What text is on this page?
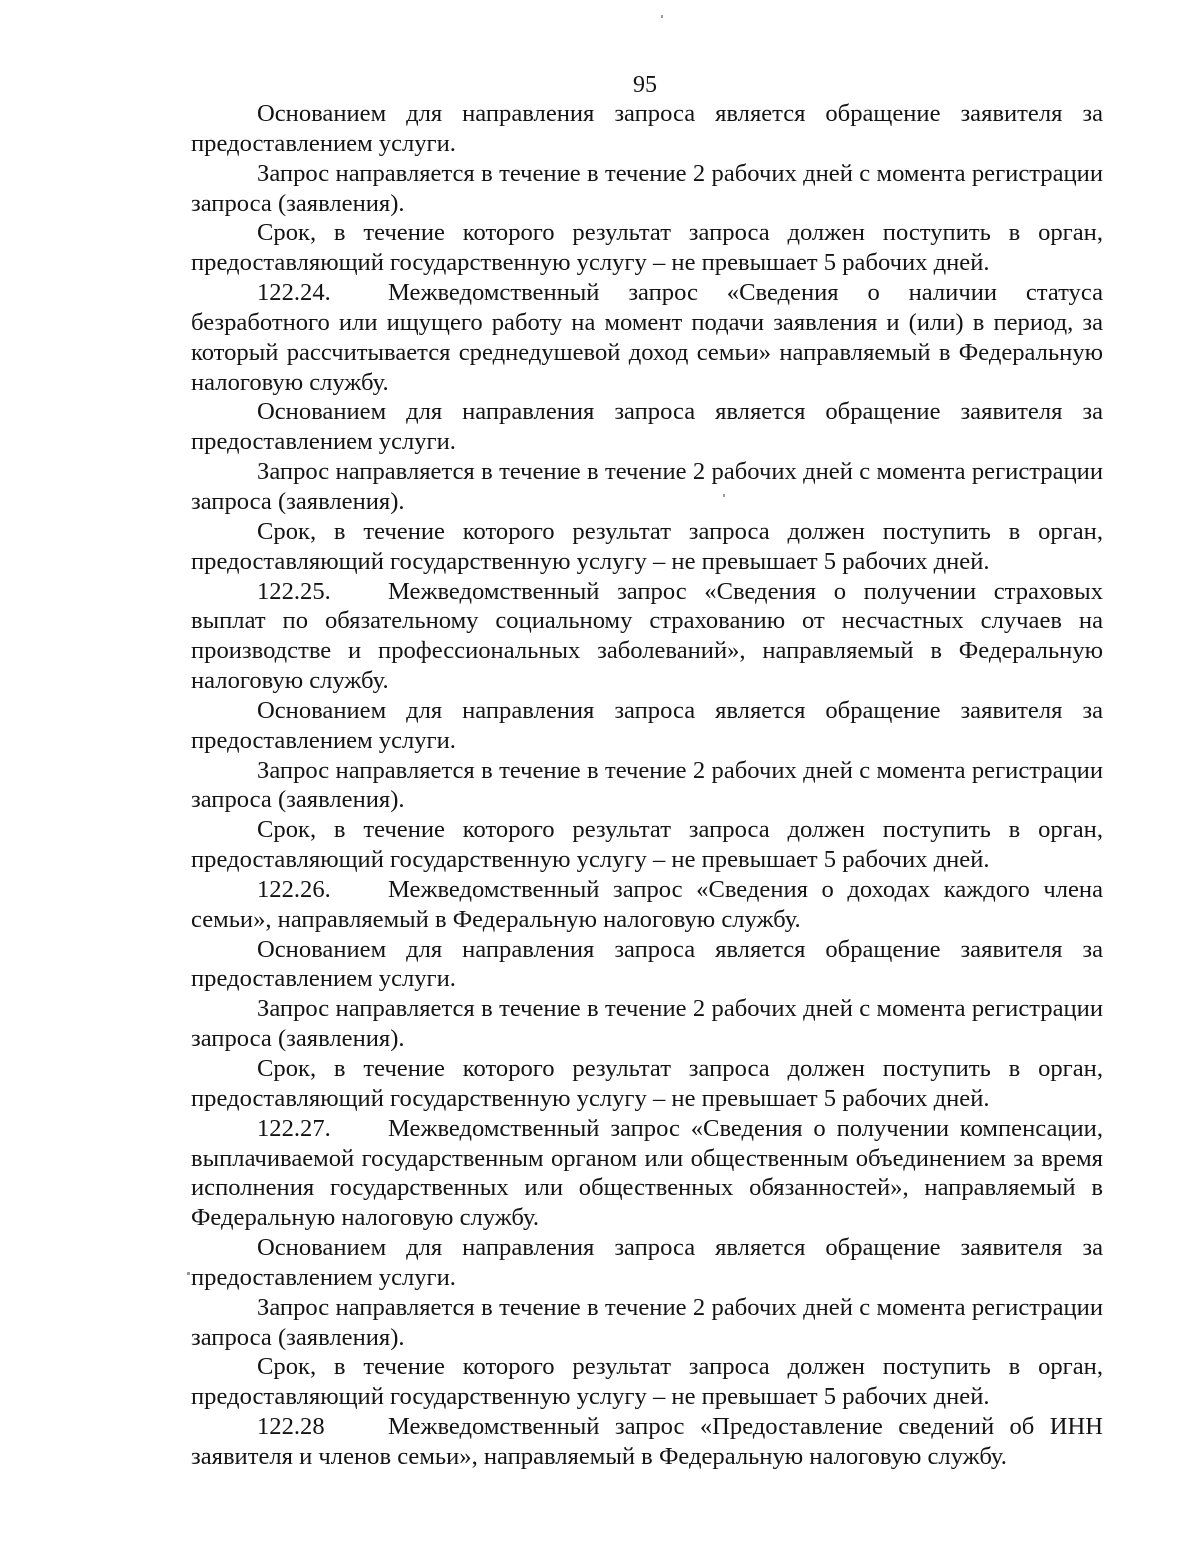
95

Основанием для направления запроса является обращение заявителя за предоставлением услуги.

Запрос направляется в течение в течение 2 рабочих дней с момента регистрации запроса (заявления).

Срок, в течение которого результат запроса должен поступить в орган, предоставляющий государственную услугу – не превышает 5 рабочих дней.

122.24. Межведомственный запрос «Сведения о наличии статуса безработного или ищущего работу на момент подачи заявления и (или) в период, за который рассчитывается среднедушевой доход семьи» направляемый в Федеральную налоговую службу.

Основанием для направления запроса является обращение заявителя за предоставлением услуги.

Запрос направляется в течение в течение 2 рабочих дней с момента регистрации запроса (заявления).

Срок, в течение которого результат запроса должен поступить в орган, предоставляющий государственную услугу – не превышает 5 рабочих дней.

122.25. Межведомственный запрос «Сведения о получении страховых выплат по обязательному социальному страхованию от несчастных случаев на производстве и профессиональных заболеваний», направляемый в Федеральную налоговую службу.

Основанием для направления запроса является обращение заявителя за предоставлением услуги.

Запрос направляется в течение в течение 2 рабочих дней с момента регистрации запроса (заявления).

Срок, в течение которого результат запроса должен поступить в орган, предоставляющий государственную услугу – не превышает 5 рабочих дней.

122.26. Межведомственный запрос «Сведения о доходах каждого члена семьи», направляемый в Федеральную налоговую службу.

Основанием для направления запроса является обращение заявителя за предоставлением услуги.

Запрос направляется в течение в течение 2 рабочих дней с момента регистрации запроса (заявления).

Срок, в течение которого результат запроса должен поступить в орган, предоставляющий государственную услугу – не превышает 5 рабочих дней.

122.27. Межведомственный запрос «Сведения о получении компенсации, выплачиваемой государственным органом или общественным объединением за время исполнения государственных или общественных обязанностей», направляемый в Федеральную налоговую службу.

Основанием для направления запроса является обращение заявителя за предоставлением услуги.

Запрос направляется в течение в течение 2 рабочих дней с момента регистрации запроса (заявления).

Срок, в течение которого результат запроса должен поступить в орган, предоставляющий государственную услугу – не превышает 5 рабочих дней.

122.28	Межведомственный запрос «Предоставление сведений об ИНН заявителя и членов семьи», направляемый в Федеральную налоговую службу.
